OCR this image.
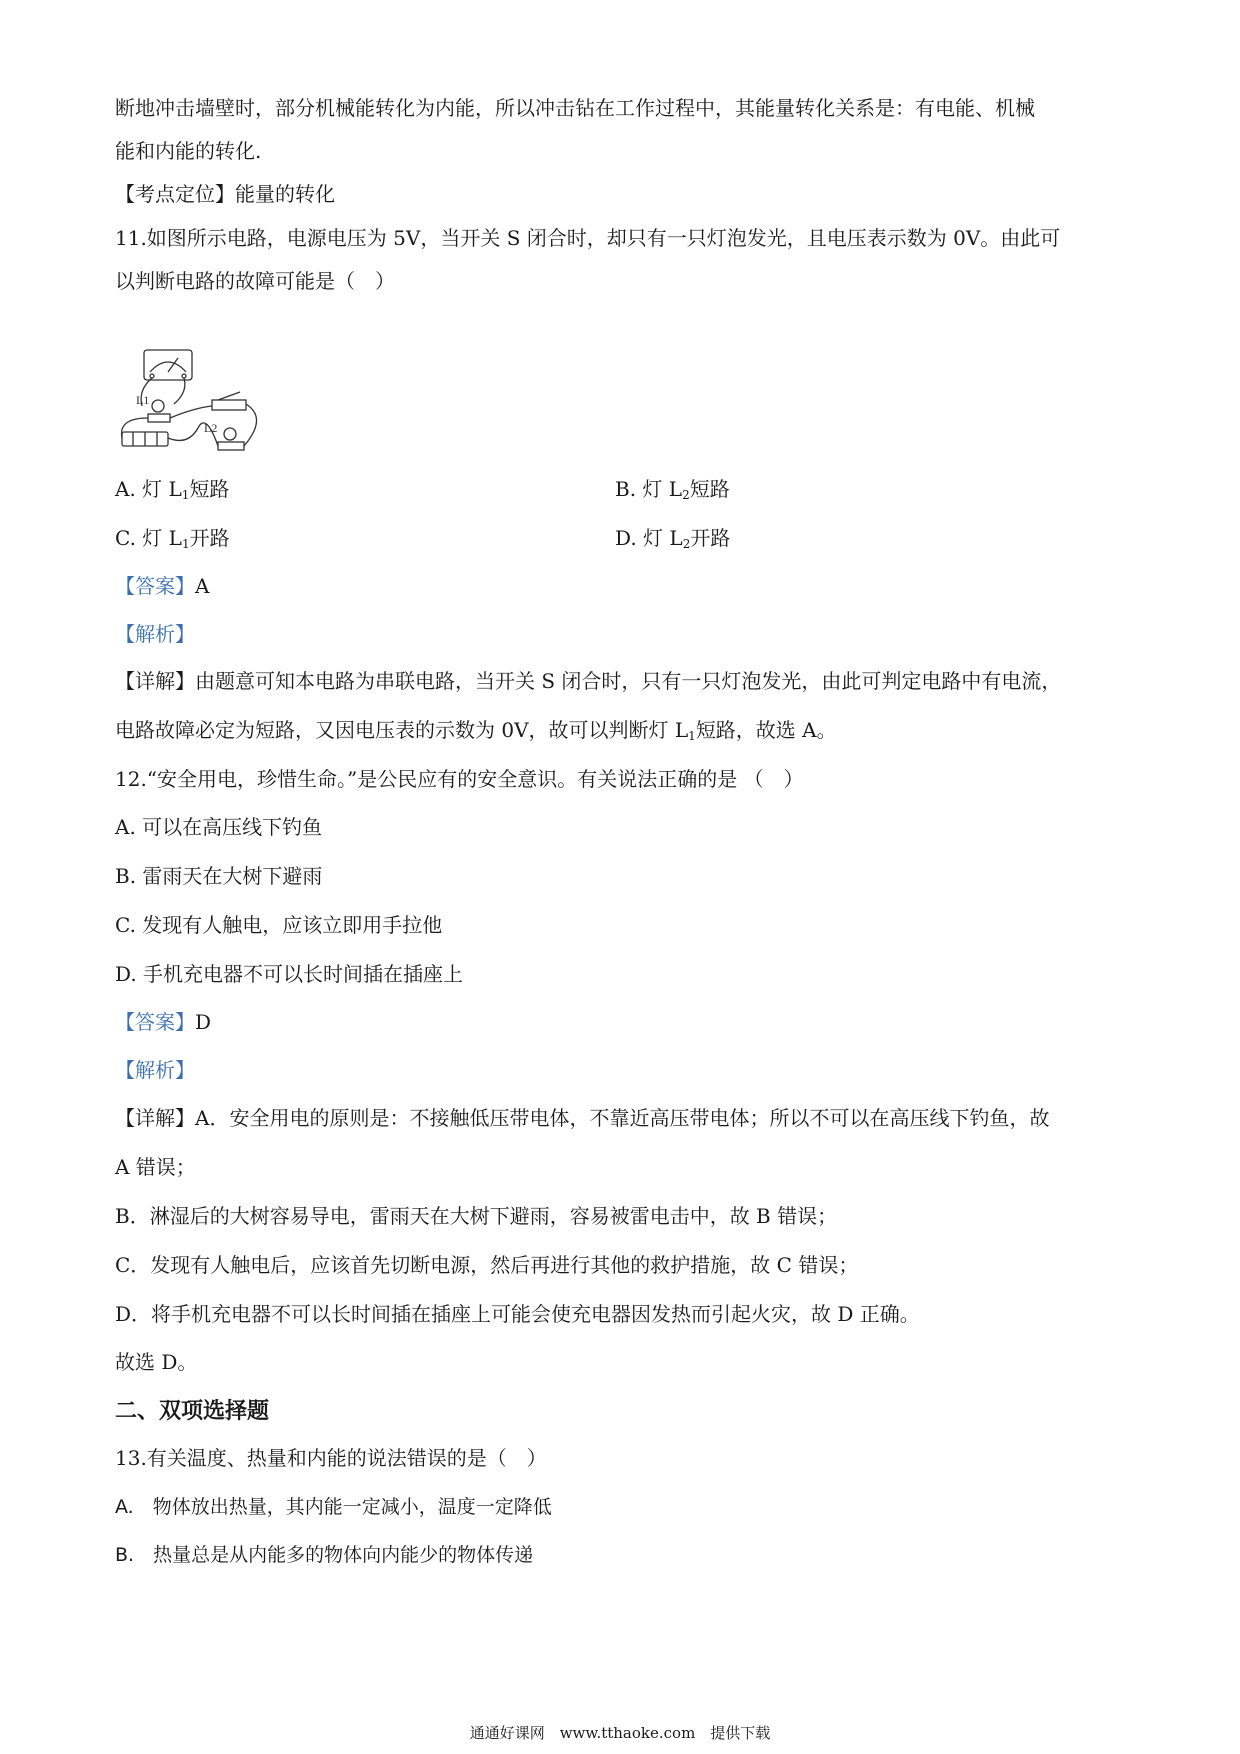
断地冲击墙壁时，部分机械能转化为内能，所以冲击钻在工作过程中，其能量转化关系是：有电能、机械
能和内能的转化.
【考点定位】能量的转化
11.如图所示电路，电源电压为 5V，当开关 S 闭合时，却只有一只灯泡发光，且电压表示数为 0V。由此可
以判断电路的故障可能是（　）
L1
L2
A. 灯 $L_1$短路	B. 灯 $L_2$短路
C. 灯 $L_1$开路	D. 灯 $L_2$开路
【答案】A
【解析】
【详解】由题意可知本电路为串联电路，当开关 S 闭合时，只有一只灯泡发光，由此可判定电路中有电流，
电路故障必定为短路，又因电压表的示数为 0V，故可以判断灯 $L_1$短路，故选 A。
12.“安全用电，珍惜生命。”是公民应有的安全意识。有关说法正确的是 （　）
A. 可以在高压线下钓鱼
B. 雷雨天在大树下避雨
C. 发现有人触电，应该立即用手拉他
D. 手机充电器不可以长时间插在插座上
【答案】D
【解析】
【详解】A．安全用电的原则是：不接触低压带电体，不靠近高压带电体；所以不可以在高压线下钓鱼，故
A 错误；
B．淋湿后的大树容易导电，雷雨天在大树下避雨，容易被雷电击中，故 B 错误；
C．发现有人触电后，应该首先切断电源，然后再进行其他的救护措施，故 C 错误；
D．将手机充电器不可以长时间插在插座上可能会使充电器因发热而引起火灾，故 D 正确。
故选 D。
二、双项选择题
13.有关温度、热量和内能的说法错误的是（　）
A.　物体放出热量，其内能一定减小，温度一定降低
B.　热量总是从内能多的物体向内能少的物体传递
通通好课网　www.tthaoke.com　提供下载
